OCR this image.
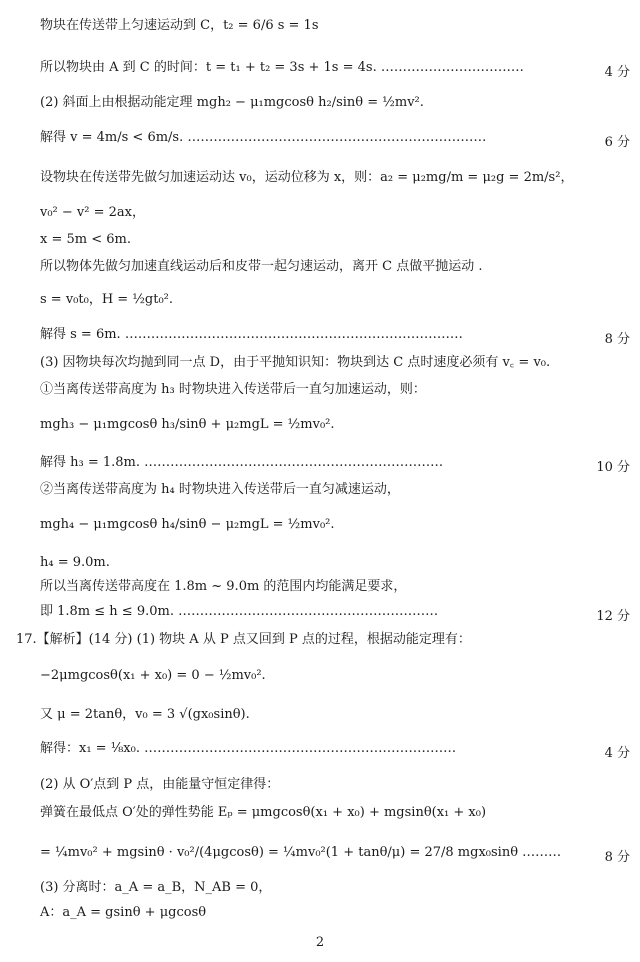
物块在传送带上匀速运动到 C，t₂ = 6/6 s = 1s
所以物块由 A 到 C 的时间：t = t₁ + t₂ = 3s + 1s = 4s. ……………………………	4 分
(2) 斜面上由根据动能定理 mgh₂ − μ₁mgcosθ h₂/sinθ = ½mv².
解得 v = 4m/s < 6m/s. ……………………………………………………………	6 分
设物块在传送带先做匀加速运动达 v₀，运动位移为 x，则：a₂ = μ₂mg/m = μ₂g = 2m/s²，
v₀² − v² = 2ax，
x = 5m < 6m.
所以物体先做匀加速直线运动后和皮带一起匀速运动，离开 C 点做平抛运动 .
s = v₀t₀，H = ½gt₀².
解得 s = 6m. ……………………………………………………………………	8 分
(3) 因物块每次均抛到同一点 D，由于平抛知识知：物块到达 C 点时速度必须有 v꜀ = v₀.
①当离传送带高度为 h₃ 时物块进入传送带后一直匀加速运动，则：
mgh₃ − μ₁mgcosθ h₃/sinθ + μ₂mgL = ½mv₀².
解得 h₃ = 1.8m. ……………………………………………………………	10 分
②当离传送带高度为 h₄ 时物块进入传送带后一直匀减速运动，
mgh₄ − μ₁mgcosθ h₄/sinθ − μ₂mgL = ½mv₀².
h₄ = 9.0m.
所以当离传送带高度在 1.8m ~ 9.0m 的范围内均能满足要求，
即 1.8m ≤ h ≤ 9.0m. ……………………………………………………	12 分
17.【解析】(14 分) (1) 物块 A 从 P 点又回到 P 点的过程，根据动能定理有：
−2μmgcosθ(x₁ + x₀) = 0 − ½mv₀².
又 μ = 2tanθ，v₀ = 3 √(gx₀sinθ).
解得：x₁ = ⅛x₀. ………………………………………………………………	4 分
(2) 从 O′点到 P 点，由能量守恒定律得：
弹簧在最低点 O′处的弹性势能 Eₚ = μmgcosθ(x₁ + x₀) + mgsinθ(x₁ + x₀)
= ¼mv₀² + mgsinθ · v₀²/(4μgcosθ) = ¼mv₀²(1 + tanθ/μ) = 27/8 mgx₀sinθ ………	8 分
(3) 分离时：a_A = a_B，N_AB = 0，
A：a_A = gsinθ + μgcosθ
2
